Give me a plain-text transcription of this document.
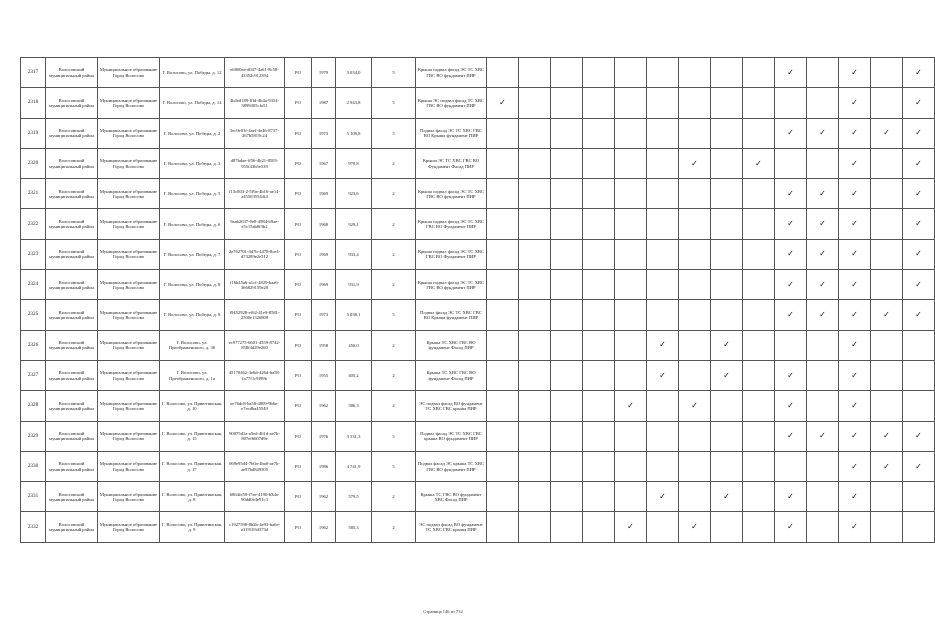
2317	Волосовский муниципальный район	Муниципальное образование Город Волосово	Г. Волосово, ул. Победы, д. 12	e6800ea-d047-4a61-8c58-43352c912394	РО	1979	3 034,0	5	Крыша подвал фасад ЭС ТС ХВС ГВС ВО фундамент ПИР										✓		✓		✓
2318	Волосовский муниципальный район	Муниципальное образование Город Волосово	Г. Волосово, ул. Победы, д. 14	4b4ed189-fffd-4b4a-9354-3899405cfa51	РО	1987	2 943,8	5	Крыша ЭС подвал фасад ТС ХВС ГВС ВО фундамент ПИР	✓											✓		✓
2319	Волосовский муниципальный район	Муниципальное образование Город Волосово	Г. Волосово, ул. Победы, д. 2	5ec9e01f-4aef-4e46-8737-267b5819c24	РО	1973	5 109,8	5	Подвал фасад ЭС ТС ХВС ГВС ВО Крыша фундамент ПИР										✓	✓	✓	✓	✓
2320	Волосовский муниципальный район	Муниципальное образование Город Волосово	Г. Волосово, ул. Победы, д. 3	d87bdae-ff56-4b21-8505-955f43b5e539	РО	1967	970,8	2	Крыша ЭС ТС ХВС ГВС ВО Фундамент Фасад ПИР							✓		✓			✓		✓
2321	Волосовский муниципальный район	Муниципальное образование Город Волосово	Г. Волосово, ул. Победы, д. 5	f13c803-2-5f9a-4b16-ae14-a455035544f4	РО	1969	923,6	2	Крыша подвал фасад ЭС ТС ХВС ГВС ВО фундамент ПИР										✓	✓	✓		✓
2322	Волосовский муниципальный район	Муниципальное образование Город Волосово	Г. Волосово, ул. Победы, д. 6	9aab2637-0e8-4984-b9ae-e5c15ab8f3b2	РО	1968	929,1	2	Крыша подвал фасад ЭС ТС ХВС ГВС ВО Фундамент ПИР										✓	✓	✓		✓
2323	Волосовский муниципальный район	Муниципальное образование Город Волосово	Г. Волосово, ул. Победы, д. 7	2e762701-4d7b-4478-8ce4-d73289e2e512	РО	1969	933,4	2	Крыша подвал фасад ЭС ТС ХВС ГВС ВО Фундамент ПИР										✓	✓	✓		✓
2324	Волосовский муниципальный район	Муниципальное образование Город Волосово	Г. Волосово, ул. Победы, д. 8	f16b45a6-a1cf-4829-baa6-366829159e20	РО	1969	931,9	2	Крыша подвал фасад ЭС ТС ХВС ГВС ВО фундамент ПИР										✓	✓	✓		✓
2325	Волосовский муниципальный район	Муниципальное образование Город Волосово	Г. Волосово, ул. Победы, д. 9	f9452928-ef62-41e9-8581-2500e1326800	РО	1973	5 038,1	5	Подвал фасад ЭС ТС ХВС ГВС ВО Крыша фундамент ПИР										✓	✓	✓	✓	✓
2326	Волосовский муниципальный район	Муниципальное образование Город Волосово	Г. Волосово, ул. Преображенского, д. 36	ec977275-6601-4559-8742-858f4d29e260	РО	1958	450,0	2	Крыша ТС ХВС ГВС ВО фундамент Фасад ПИР						✓		✓				✓		
2327	Волосовский муниципальный район	Муниципальное образование Город Волосово	Г. Волосово, ул. Преображенского, д. 1а	45170462-3e6d-426d-ba58-fa77f1c9f99b	РО	1955	405,2	2	Крыша ТС ХВС ГВС ВО фундамент Фасад ПИР						✓		✓		✓		✓		
2328	Волосовский муниципальный район	Муниципальное образование Город Волосово	Г. Волосово, ул. Приютинская, д. 10	ee76dc8-ba58-4809-9b6e-e7ecdba45549	РО	1962	586,3	2	ЭС подвал фасад ВО фундамент ТС ХВС ГВС крыша ПИР					✓		✓			✓		✓		
2329	Волосовский муниципальный район	Муниципальное образование Город Волосово	Г. Волосово, ул. Приютинская, д. 15	90075d1a-a5ed-461d-ae7b-807ef6607d9e	РО	1976	3 531,3	5	Подвал фасад ЭС ТС ХВС ГВС крыша ВО фундамент ПИР										✓	✓	✓	✓	✓
2330	Волосовский муниципальный район	Муниципальное образование Город Волосово	Г. Волосово, ул. Приютинская, д. 17	069e95d4-7b0a-4ba0-ae7b-ae97bd849505	РО	1986	4 741,9	5	Подвал фасад ЭС крыша ТС ХВС ГВС ВО фундамент ПИР												✓	✓	✓
2331	Волосовский муниципальный район	Муниципальное образование Город Волосово	Г. Волосово, ул. Приютинская, д. 8	6864fe58-f7ee-4190-b3da-90dd0e4e91c3	РО	1962	579,5	2	Крыша ТС ГВС ВО фундамент ХВС Фасад ПИР						✓		✓		✓		✓		
2332	Волосовский муниципальный район	Муниципальное образование Город Волосово	Г. Волосово, ул. Приютинская, д. 9	c1927598-8b2b-4e93-ba6e-a319103d373d	РО	1962	585,3	2	ЭС подвал фасад ВО фундамент ТС ХВС ГВС крыша ПИР					✓		✓			✓		✓		
Страница 146 из 732
